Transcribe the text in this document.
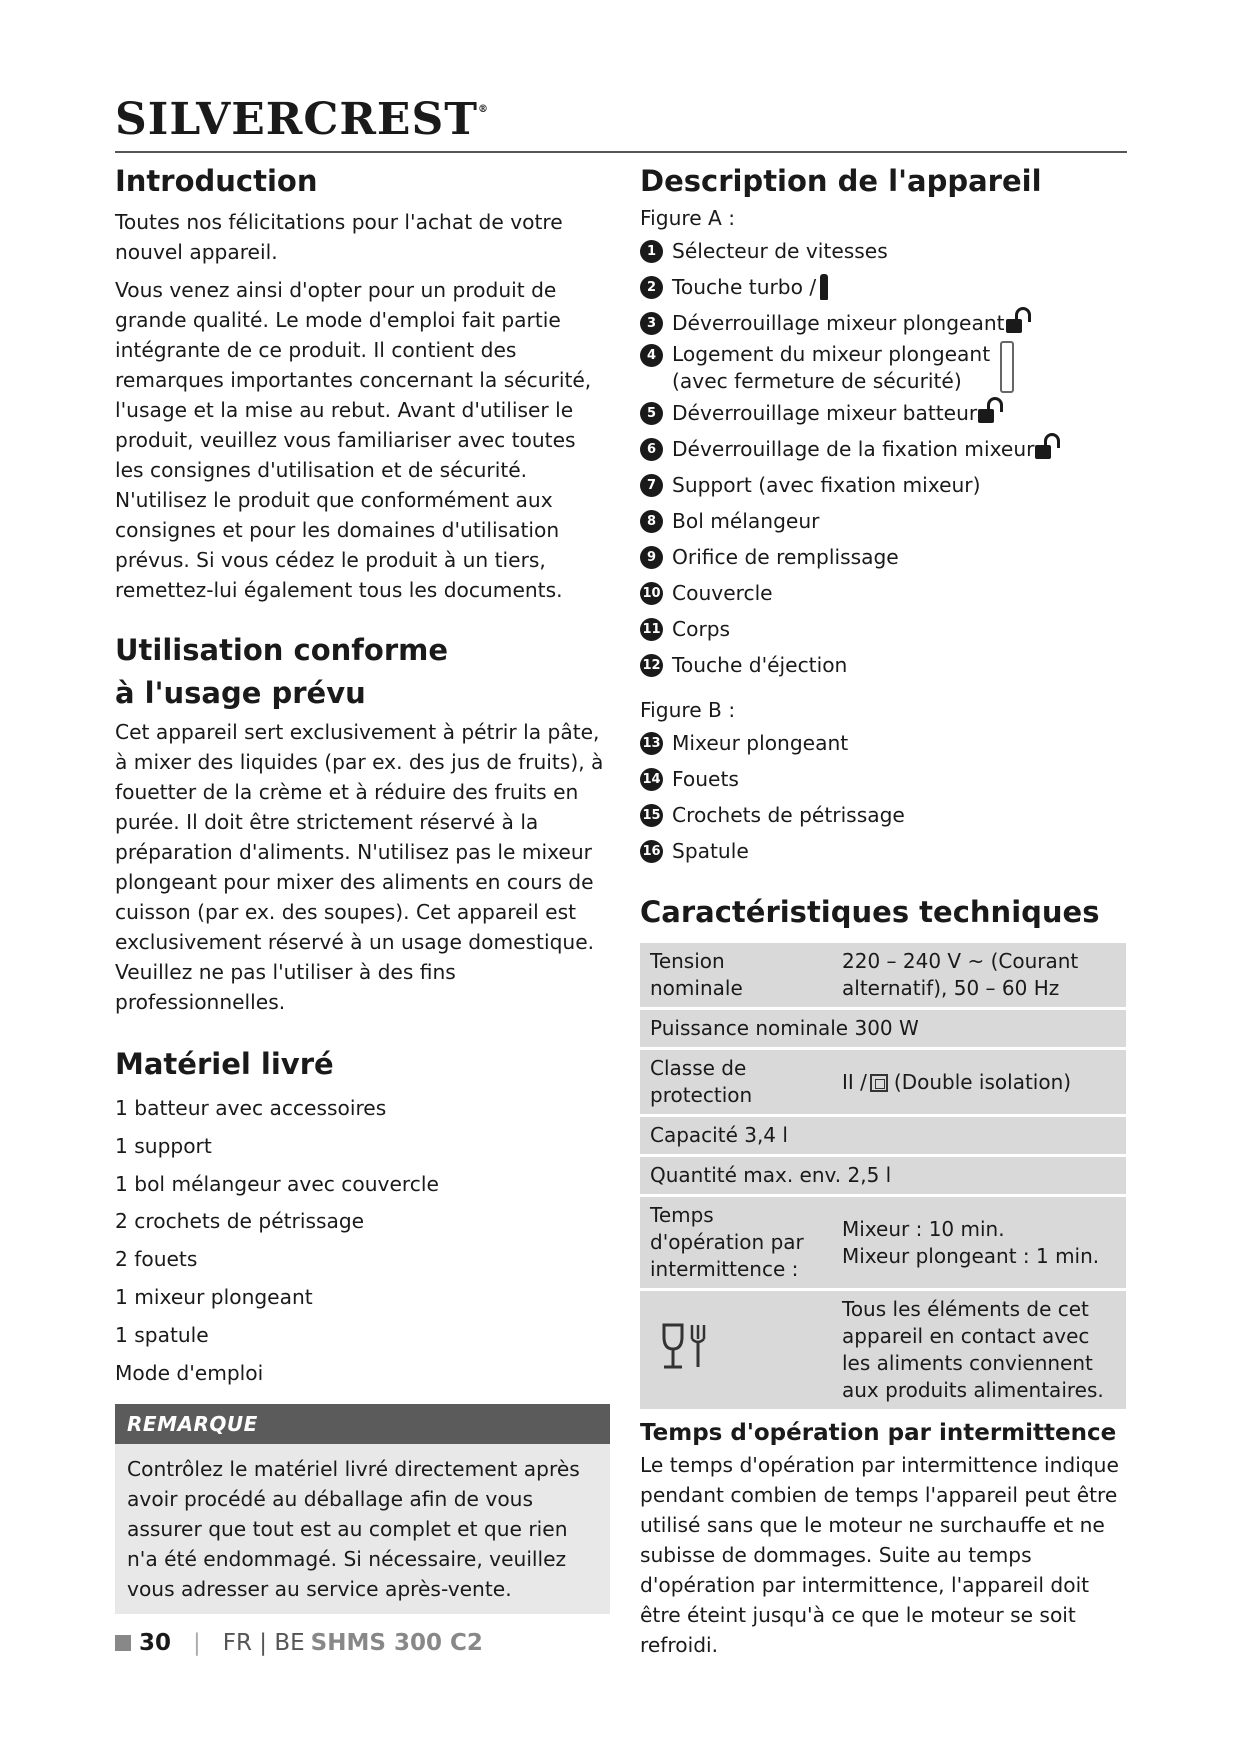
SILVERCREST®
Introduction

Toutes nos félicitations pour l'achat de votre nouvel appareil.

Vous venez ainsi d'opter pour un produit de grande qualité. Le mode d'emploi fait partie intégrante de ce produit. Il contient des remarques importantes concernant la sécurité, l'usage et la mise au rebut. Avant d'utiliser le produit, veuillez vous familiariser avec toutes les consignes d'utilisation et de sécurité. N'utilisez le produit que conformément aux consignes et pour les domaines d'utilisation prévus. Si vous cédez le produit à un tiers, remettez-lui également tous les documents.

Utilisation conforme
à l'usage prévu

Cet appareil sert exclusivement à pétrir la pâte, à mixer des liquides (par ex. des jus de fruits), à fouetter de la crème et à réduire des fruits en purée. Il doit être strictement réservé à la préparation d'aliments. N'utilisez pas le mixeur plongeant pour mixer des aliments en cours de cuisson (par ex. des soupes). Cet appareil est exclusivement réservé à un usage domestique. Veuillez ne pas l'utiliser à des fins professionnelles.

Matériel livré
1 batteur avec accessoires
1 support
1 bol mélangeur avec couvercle
2 crochets de pétrissage
2 fouets
1 mixeur plongeant
1 spatule
Mode d'emploi
REMARQUE
Contrôlez le matériel livré directement après avoir procédé au déballage afin de vous assurer que tout est au complet et que rien n'a été endommagé. Si nécessaire, veuillez vous adresser au service après-vente.
Description de l'appareil
Figure A :
1 Sélecteur de vitesses
2 Touche turbo /
3 Déverrouillage mixeur plongeant
4 Logement du mixeur plongeant
(avec fermeture de sécurité)
5 Déverrouillage mixeur batteur
6 Déverrouillage de la fixation mixeur
7 Support (avec fixation mixeur)
8 Bol mélangeur
9 Orifice de remplissage
10 Couvercle
11 Corps
12 Touche d'éjection
Figure B :
13 Mixeur plongeant
14 Fouets
15 Crochets de pétrissage
16 Spatule
Caractéristiques techniques
Tension nominale	220 – 240 V ~ (Courant alternatif), 50 – 60 Hz
Puissance nominale 300 W	
Classe de protection	II / (Double isolation)
Capacité 3,4 l	
Quantité max. env. 2,5 l	
Temps d'opération par intermittence :	Mixeur : 10 min.
Mixeur plongeant : 1 min.
	Tous les éléments de cet appareil en contact avec les aliments conviennent aux produits alimentaires.
Temps d'opération par intermittence

Le temps d'opération par intermittence indique pendant combien de temps l'appareil peut être utilisé sans que le moteur ne surchauffe et ne subisse de dommages. Suite au temps d'opération par intermittence, l'appareil doit être éteint jusqu'à ce que le moteur se soit refroidi.

30 | FR | BE SHMS 300 C2
